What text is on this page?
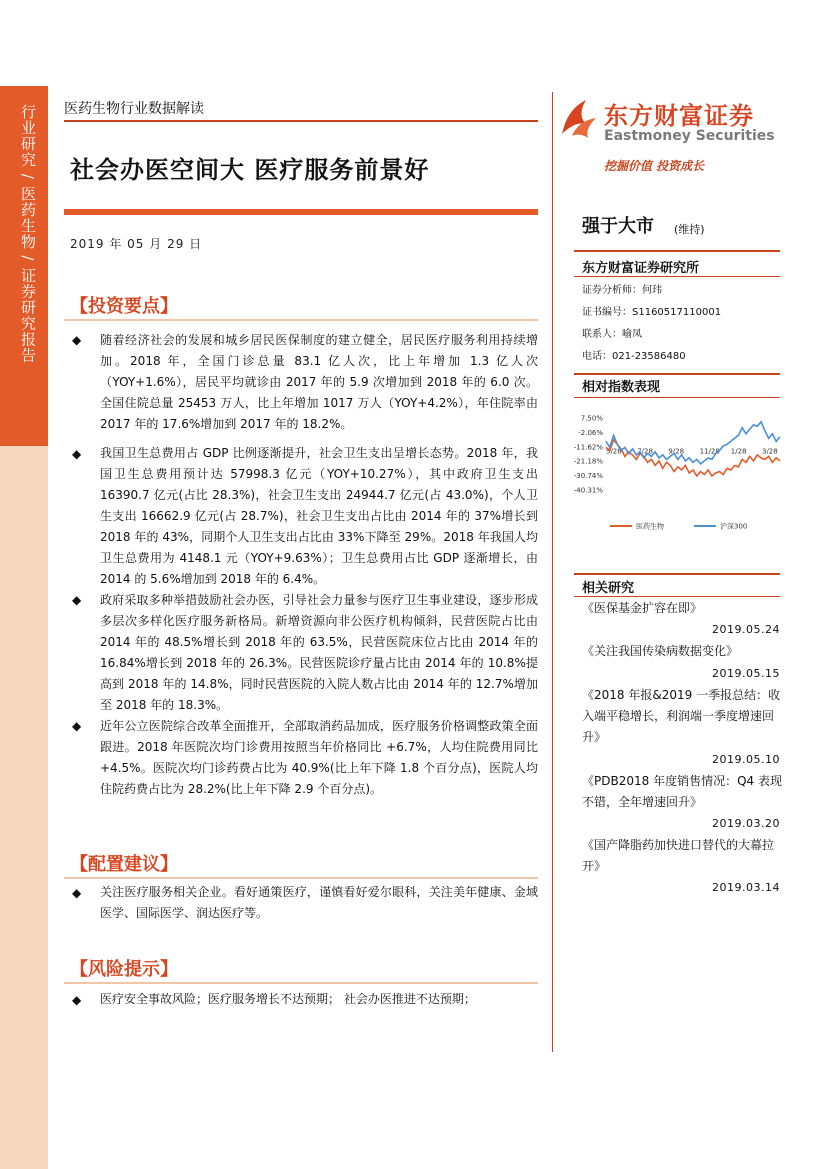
行业研究 / 医药生物 / 证券研究报告 医药生物行业数据解读
社会办医空间大 医疗服务前景好
2019 年 05 月 29 日
东方财富证券
Eastmoney Securities
挖掘价值 投资成长
强于大市 (维持)
东方财富证券研究所
证券分析师：何玮
证书编号：S1160517110001
联系人：喻凤
电话：021-23586480
相对指数表现
7.50%
-2.06%
-11.62%
-21.18%
-30.74%
-40.31%
5/28 7/28 9/28 11/28 1/28 3/28
医药生物	沪深300
相关研究
《医保基金扩容在即》
2019.05.24
《关注我国传染病数据变化》
2019.05.15
《2018 年报&2019 一季报总结：收入端平稳增长，利润端一季度增速回升》
2019.05.10
《PDB2018 年度销售情况：Q4 表现不错，全年增速回升》
2019.03.20
《国产降脂药加快进口替代的大幕拉开》
2019.03.14
【投资要点】
◆ 随着经济社会的发展和城乡居民医保制度的建立健全，居民医疗服务利用持续增加。2018 年，全国门诊总量 83.1 亿人次，比上年增加 1.3 亿人次（YOY+1.6%），居民平均就诊由 2017 年的 5.9 次增加到 2018 年的 6.0 次。全国住院总量 25453 万人，比上年增加 1017 万人（YOY+4.2%），年住院率由 2017 年的 17.6%增加到 2017 年的 18.2%。
◆ 我国卫生总费用占 GDP 比例逐渐提升，社会卫生支出呈增长态势。2018 年，我国卫生总费用预计达 57998.3 亿元（YOY+10.27%），其中政府卫生支出 16390.7 亿元(占比 28.3%)，社会卫生支出 24944.7 亿元(占 43.0%)，个人卫生支出 16662.9 亿元(占 28.7%)，社会卫生支出占比由 2014 年的 37%增长到 2018 年的 43%，同期个人卫生支出占比由 33%下降至 29%。2018 年我国人均卫生总费用为 4148.1 元（YOY+9.63%）；卫生总费用占比 GDP 逐渐增长，由 2014 的 5.6%增加到 2018 年的 6.4%。
◆ 政府采取多种举措鼓励社会办医，引导社会力量参与医疗卫生事业建设，逐步形成多层次多样化医疗服务新格局。新增资源向非公医疗机构倾斜，民营医院占比由 2014 年的 48.5%增长到 2018 年的 63.5%，民营医院床位占比由 2014 年的 16.84%增长到 2018 年的 26.3%。民营医院诊疗量占比由 2014 年的 10.8%提高到 2018 年的 14.8%，同时民营医院的入院人数占比由 2014 年的 12.7%增加至 2018 年的 18.3%。
◆ 近年公立医院综合改革全面推开，全部取消药品加成，医疗服务价格调整政策全面跟进。2018 年医院次均门诊费用按照当年价格同比 +6.7%，人均住院费用同比+4.5%。医院次均门诊药费占比为 40.9%(比上年下降 1.8 个百分点)，医院人均住院药费占比为 28.2%(比上年下降 2.9 个百分点)。
【配置建议】
◆ 关注医疗服务相关企业。看好通策医疗，谨慎看好爱尔眼科，关注美年健康、金域医学、国际医学、润达医疗等。
【风险提示】
◆ 医疗安全事故风险；医疗服务增长不达预期； 社会办医推进不达预期；
